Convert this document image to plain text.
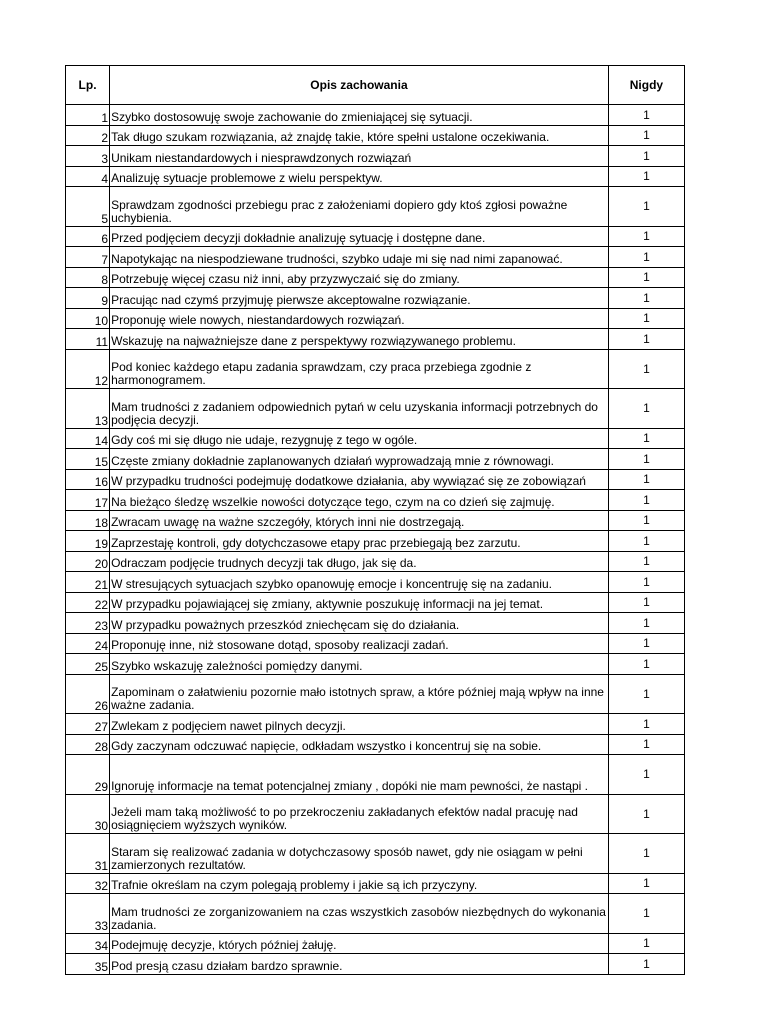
Lp.	Opis zachowania	Nigdy
1	Szybko dostosowuję swoje zachowanie do zmieniającej się sytuacji.	1
2	Tak długo szukam rozwiązania, aż znajdę takie, które spełni ustalone oczekiwania.	1
3	Unikam niestandardowych i niesprawdzonych rozwiązań	1
4	Analizuję sytuacje problemowe z wielu perspektyw.	1
5	Sprawdzam zgodności przebiegu prac z założeniami dopiero gdy ktoś zgłosi poważne uchybienia.	1
6	Przed podjęciem decyzji dokładnie analizuję sytuację i dostępne dane.	1
7	Napotykając na niespodziewane trudności, szybko udaje mi się nad nimi zapanować.	1
8	Potrzebuję więcej czasu niż inni, aby przyzwyczaić się do zmiany.	1
9	Pracując nad czymś przyjmuję pierwsze akceptowalne rozwiązanie.	1
10	Proponuję wiele nowych, niestandardowych rozwiązań.	1
11	Wskazuję na najważniejsze dane z perspektywy rozwiązywanego problemu.	1
12	Pod koniec każdego etapu zadania sprawdzam, czy praca przebiega zgodnie z harmonogramem.	1
13	Mam trudności z zadaniem odpowiednich pytań w celu uzyskania informacji potrzebnych do podjęcia decyzji.	1
14	Gdy coś mi się długo nie udaje, rezygnuję z tego w ogóle.	1
15	Częste zmiany dokładnie zaplanowanych działań wyprowadzają mnie z równowagi.	1
16	W przypadku trudności podejmuję dodatkowe działania, aby wywiązać się ze zobowiązań	1
17	Na bieżąco śledzę wszelkie nowości dotyczące tego, czym na co dzień się zajmuję.	1
18	Zwracam uwagę na ważne szczegóły, których inni nie dostrzegają.	1
19	Zaprzestaję kontroli, gdy dotychczasowe etapy prac przebiegają bez zarzutu.	1
20	Odraczam podjęcie trudnych decyzji tak długo, jak się da.	1
21	W stresujących sytuacjach szybko opanowuję emocje i koncentruję się na zadaniu.	1
22	W przypadku pojawiającej się zmiany, aktywnie poszukuję informacji na jej temat.	1
23	W przypadku poważnych przeszkód zniechęcam się do działania.	1
24	Proponuję inne, niż stosowane dotąd, sposoby realizacji zadań.	1
25	Szybko wskazuję zależności pomiędzy danymi.	1
26	Zapominam o załatwieniu pozornie mało istotnych spraw, a które później mają wpływ na inne ważne zadania.	1
27	Zwlekam z podjęciem nawet pilnych decyzji.	1
28	Gdy zaczynam odczuwać napięcie, odkładam wszystko i koncentruj się na sobie.	1
29	Ignoruję informacje na temat potencjalnej zmiany , dopóki nie mam pewności, że nastąpi .	1
30	Jeżeli mam taką możliwość to po przekroczeniu zakładanych efektów nadal pracuję nad osiągnięciem wyższych wyników.	1
31	Staram się realizować zadania w dotychczasowy sposób nawet, gdy nie osiągam w pełni zamierzonych rezultatów.	1
32	Trafnie określam na czym polegają problemy i jakie są ich przyczyny.	1
33	Mam trudności ze zorganizowaniem na czas wszystkich zasobów niezbędnych do wykonania zadania.	1
34	Podejmuję decyzje, których później żałuję.	1
35	Pod presją czasu działam bardzo sprawnie.	1
